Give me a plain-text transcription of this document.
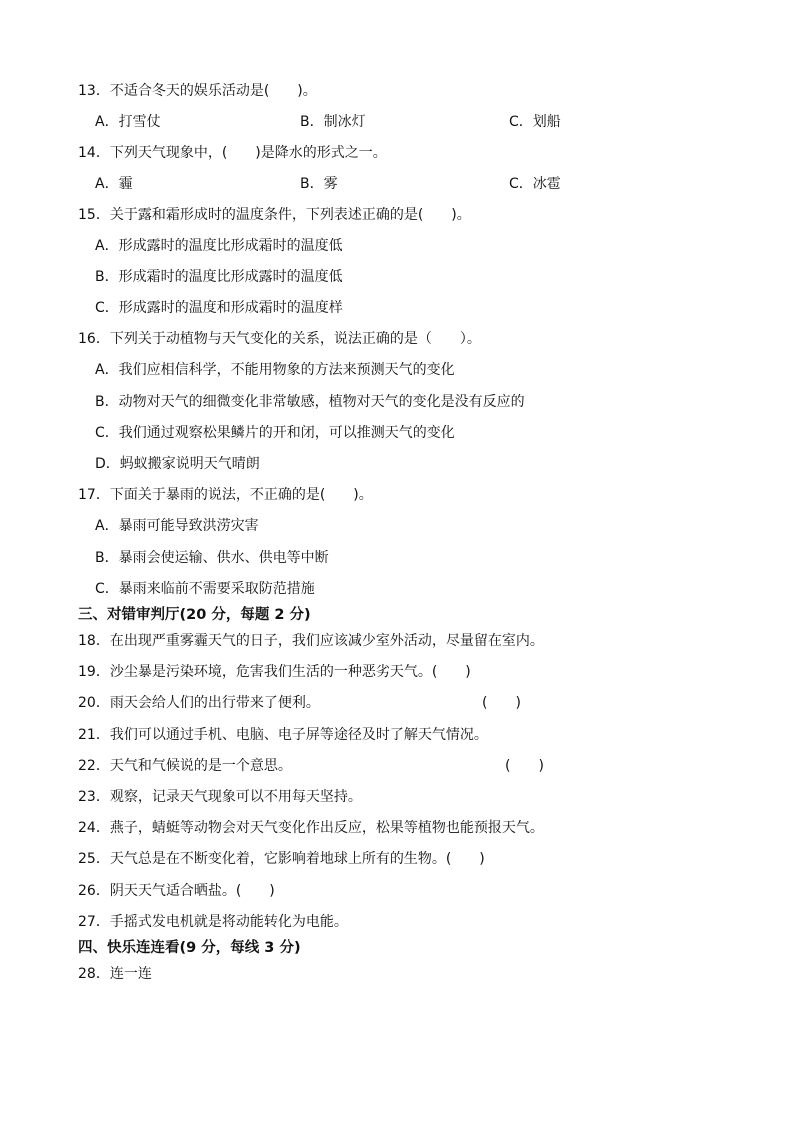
13．不适合冬天的娱乐活动是(　　)。
A．打雪仗	B．制冰灯	C．划船
14．下列天气现象中，(　　)是降水的形式之一。
A．霾	B．雾	C．冰雹
15．关于露和霜形成时的温度条件，下列表述正确的是(　　)。
A．形成露时的温度比形成霜时的温度低
B．形成霜时的温度比形成露时的温度低
C．形成露时的温度和形成霜时的温度样
16．下列关于动植物与天气变化的关系，说法正确的是（　　）。
A．我们应相信科学，不能用物象的方法来预测天气的变化
B．动物对天气的细微变化非常敏感，植物对天气的变化是没有反应的
C．我们通过观察松果鳞片的开和闭，可以推测天气的变化
D．蚂蚁搬家说明天气晴朗
17．下面关于暴雨的说法，不正确的是(　　)。
A．暴雨可能导致洪涝灾害
B．暴雨会使运输、供水、供电等中断
C．暴雨来临前不需要采取防范措施
三、对错审判厅(20 分，每题 2 分)
18．在出现严重雾霾天气的日子，我们应该减少室外活动，尽量留在室内。
19．沙尘暴是污染环境，危害我们生活的一种恶劣天气。(　　)
20．雨天会给人们的出行带来了便利。	(　　)
21．我们可以通过手机、电脑、电子屏等途径及时了解天气情况。
22．天气和气候说的是一个意思。	(　　)
23．观察，记录天气现象可以不用每天坚持。
24．燕子，蜻蜓等动物会对天气变化作出反应，松果等植物也能预报天气。
25．天气总是在不断变化着，它影响着地球上所有的生物。(　　)
26．阴天天气适合晒盐。(　　)
27．手摇式发电机就是将动能转化为电能。
四、快乐连连看(9 分，每线 3 分)
28．连一连
